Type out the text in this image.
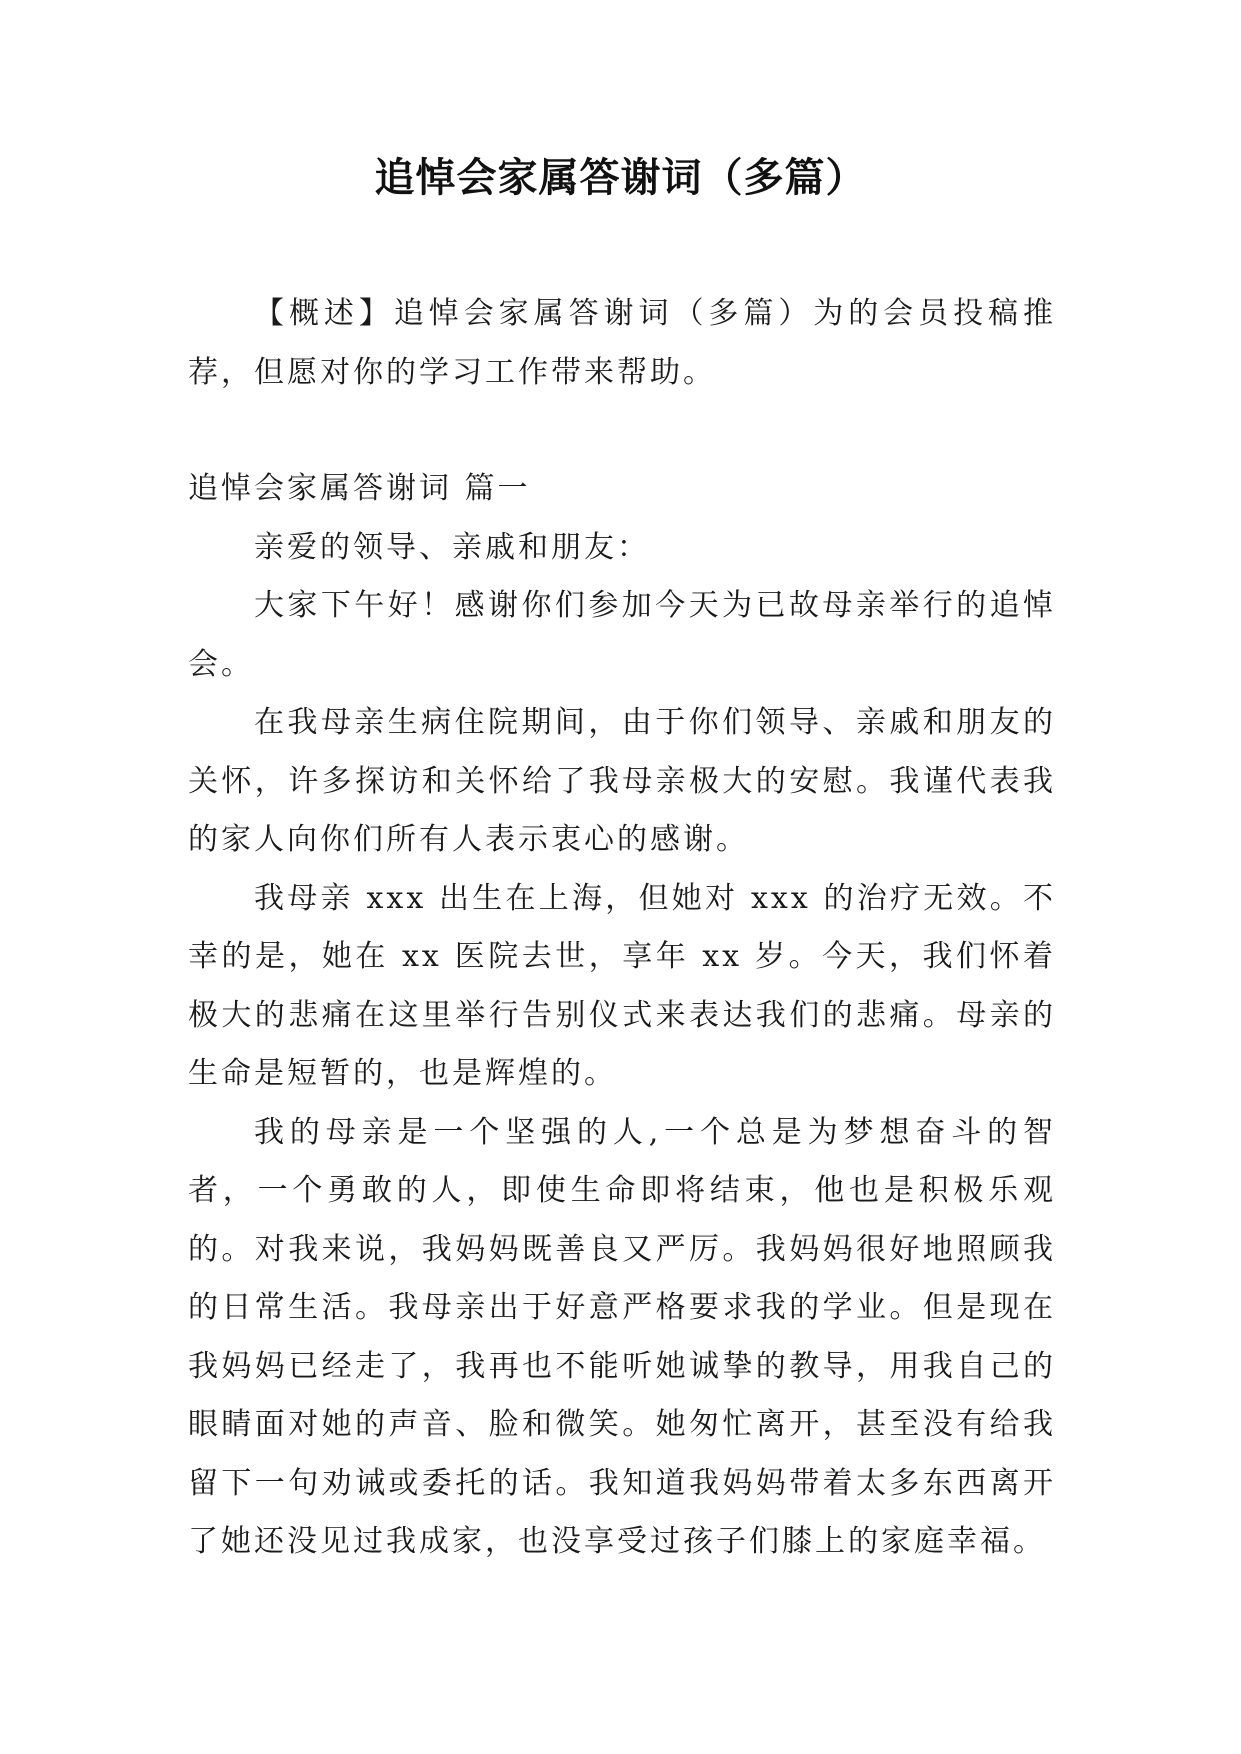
追悼会家属答谢词（多篇）

【概述】追悼会家属答谢词（多篇）为的会员投稿推荐，但愿对你的学习工作带来帮助。

追悼会家属答谢词 篇一

亲爱的领导、亲戚和朋友：

大家下午好！感谢你们参加今天为已故母亲举行的追悼会。

在我母亲生病住院期间，由于你们领导、亲戚和朋友的关怀，许多探访和关怀给了我母亲极大的安慰。我谨代表我的家人向你们所有人表示衷心的感谢。

我母亲 xxx 出生在上海，但她对 xxx 的治疗无效。不幸的是，她在 xx 医院去世，享年 xx 岁。今天，我们怀着极大的悲痛在这里举行告别仪式来表达我们的悲痛。母亲的生命是短暂的，也是辉煌的。

我的母亲是一个坚强的人,一个总是为梦想奋斗的智者，一个勇敢的人，即使生命即将结束，他也是积极乐观的。对我来说，我妈妈既善良又严厉。我妈妈很好地照顾我的日常生活。我母亲出于好意严格要求我的学业。但是现在我妈妈已经走了，我再也不能听她诚挚的教导，用我自己的眼睛面对她的声音、脸和微笑。她匆忙离开，甚至没有给我留下一句劝诫或委托的话。我知道我妈妈带着太多东西离开了她还没见过我成家，也没享受过孩子们膝上的家庭幸福。
